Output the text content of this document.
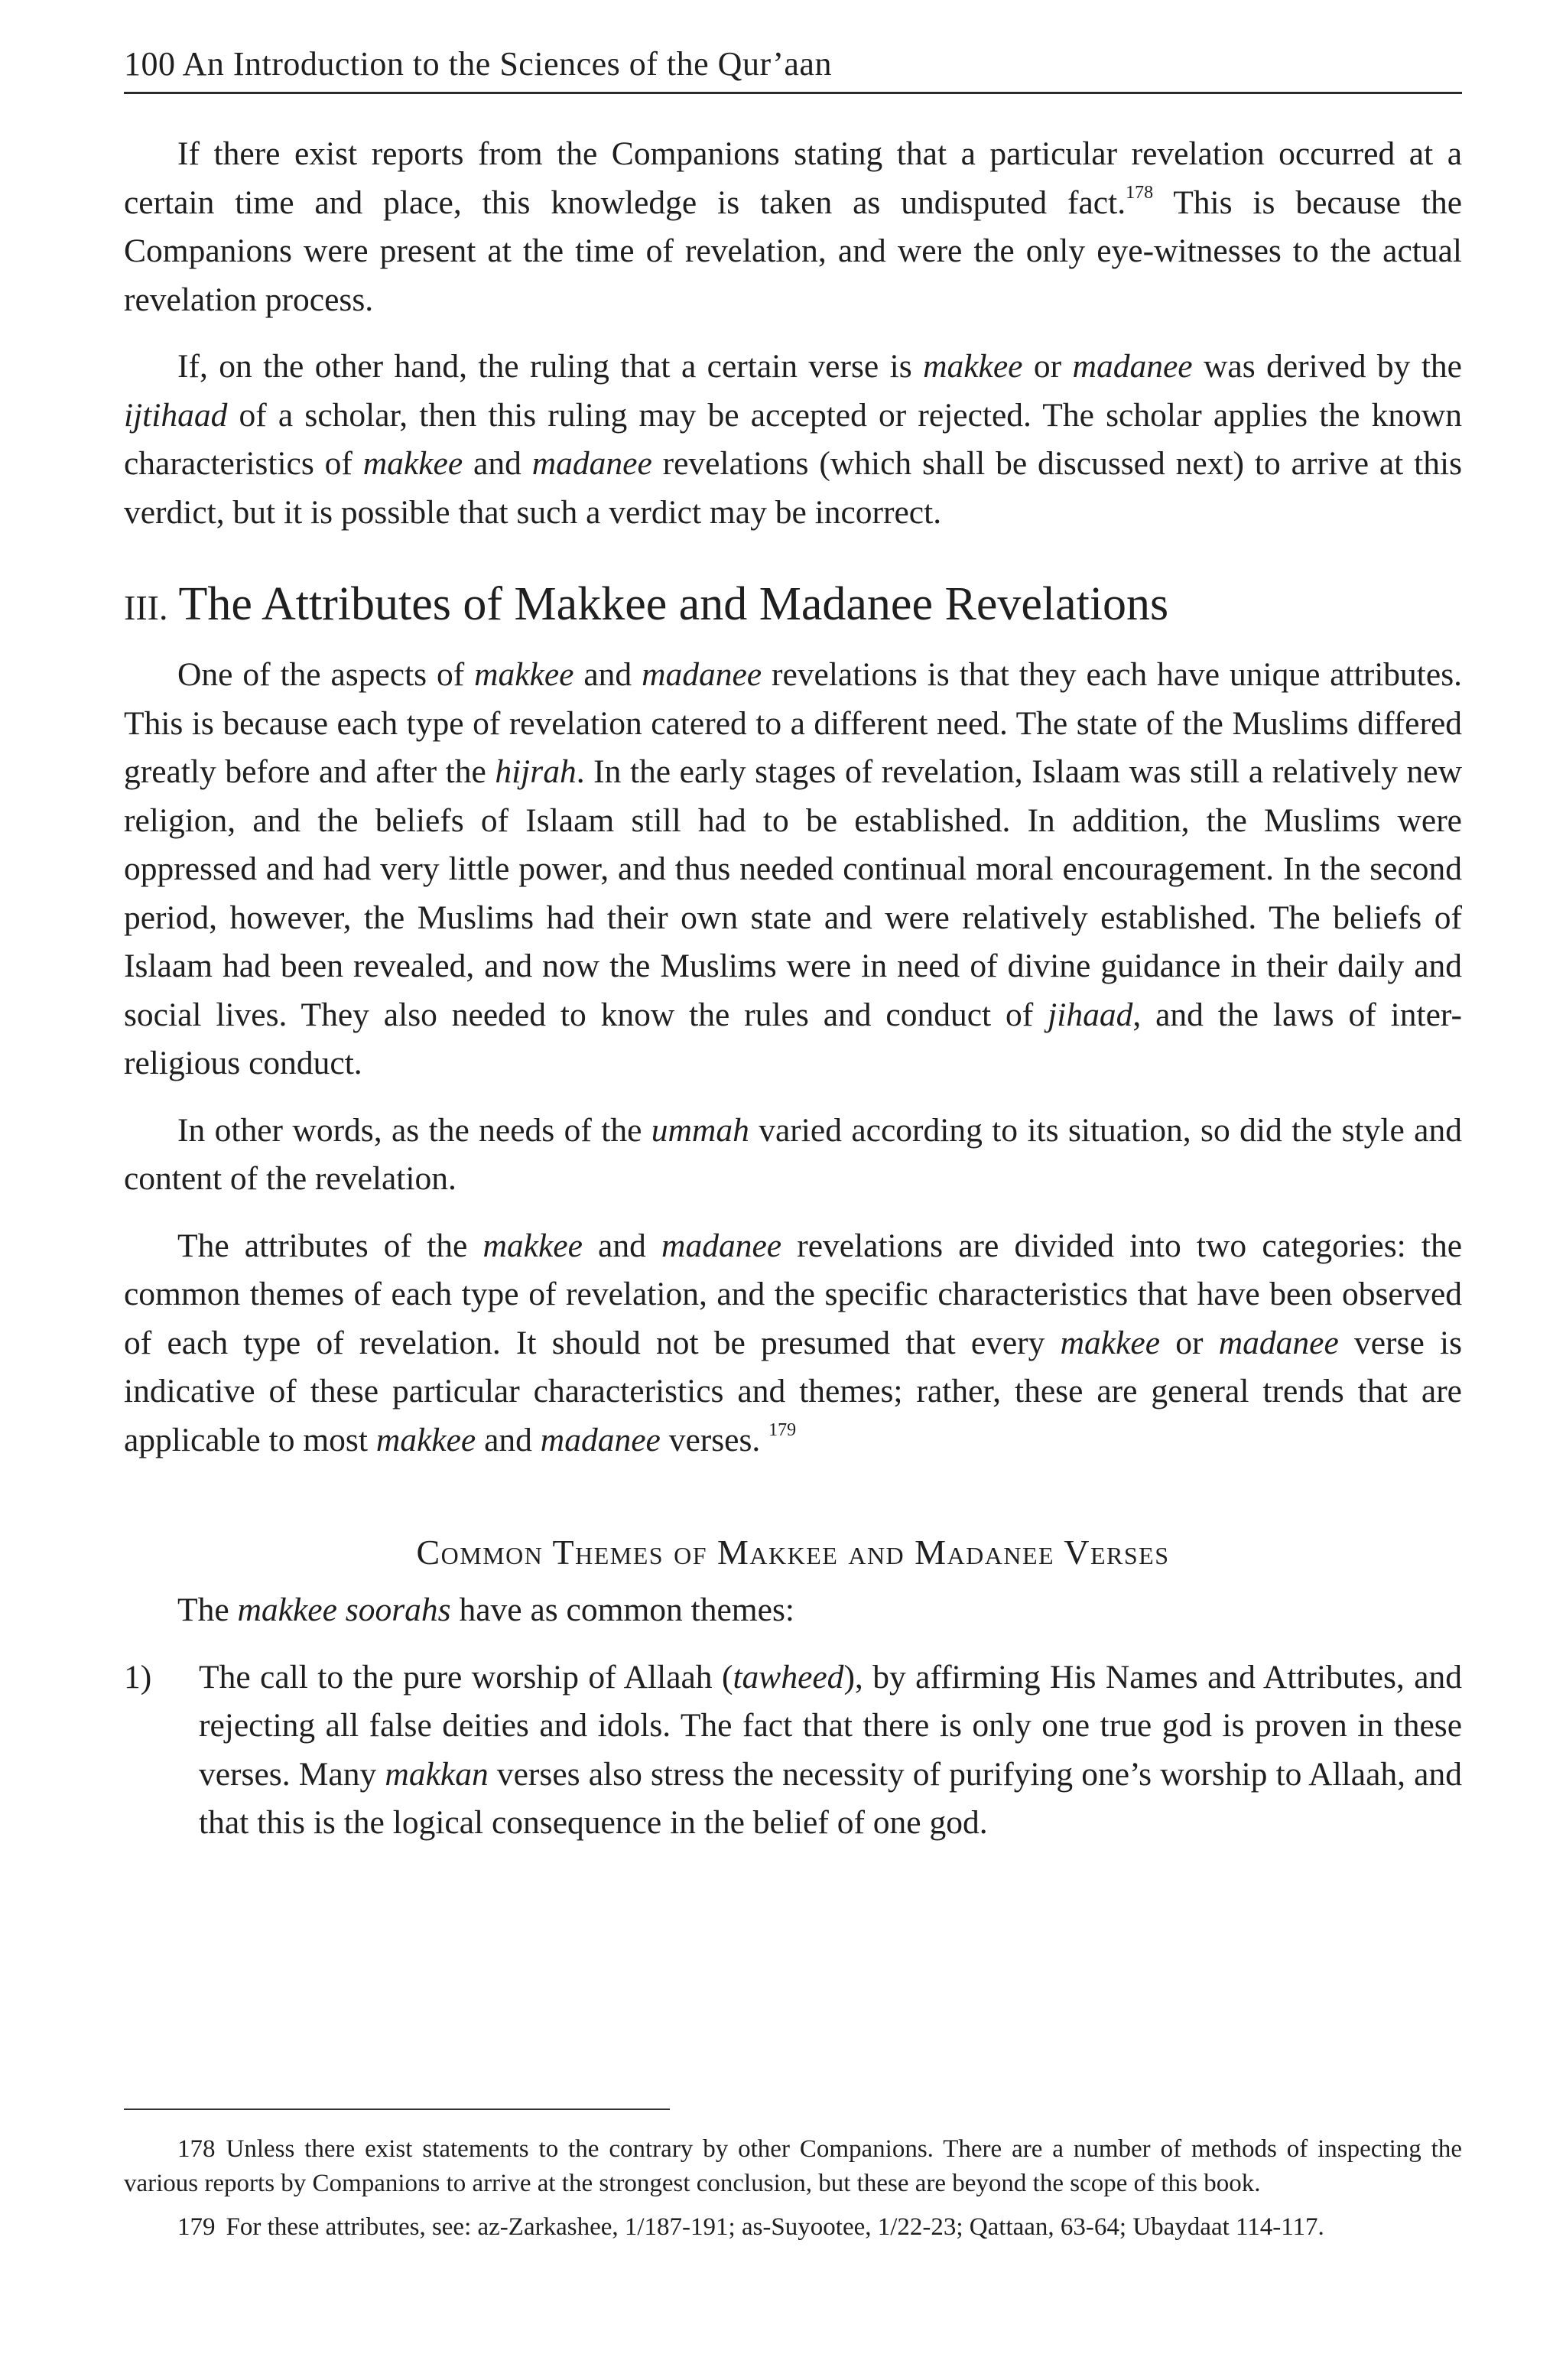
100 An Introduction to the Sciences of the Qur’aan

If there exist reports from the Companions stating that a particular revelation occurred at a certain time and place, this knowledge is taken as undisputed fact.$^{178}$ This is because the Companions were present at the time of revelation, and were the only eye-witnesses to the actual revelation process.

If, on the other hand, the ruling that a certain verse is makkee or madanee was derived by the ijtihaad of a scholar, then this ruling may be accepted or rejected. The scholar applies the known characteristics of makkee and madanee revelations (which shall be discussed next) to arrive at this verdict, but it is possible that such a verdict may be incorrect.

III. The Attributes of Makkee and Madanee Revelations

One of the aspects of makkee and madanee revelations is that they each have unique attributes. This is because each type of revelation catered to a different need. The state of the Muslims differed greatly before and after the hijrah. In the early stages of revelation, Islaam was still a relatively new religion, and the beliefs of Islaam still had to be established. In addition, the Muslims were oppressed and had very little power, and thus needed continual moral encouragement. In the second period, however, the Muslims had their own state and were relatively established. The beliefs of Islaam had been revealed, and now the Muslims were in need of divine guidance in their daily and social lives. They also needed to know the rules and conduct of jihaad, and the laws of inter-religious conduct.

In other words, as the needs of the ummah varied according to its situation, so did the style and content of the revelation.

The attributes of the makkee and madanee revelations are divided into two categories: the common themes of each type of revelation, and the specific characteristics that have been observed of each type of revelation. It should not be presumed that every makkee or madanee verse is indicative of these particular characteristics and themes; rather, these are general trends that are applicable to most makkee and madanee verses. $^{179}$

Common Themes of Makkee and Madanee Verses

The makkee soorahs have as common themes:

1) The call to the pure worship of Allaah (tawheed), by affirming His Names and Attributes, and rejecting all false deities and idols. The fact that there is only one true god is proven in these verses. Many makkan verses also stress the necessity of purifying one’s worship to Allaah, and that this is the logical consequence in the belief of one god.

178 Unless there exist statements to the contrary by other Companions. There are a number of methods of inspecting the various reports by Companions to arrive at the strongest conclusion, but these are beyond the scope of this book.

179 For these attributes, see: az-Zarkashee, 1/187-191; as-Suyootee, 1/22-23; Qattaan, 63-64; Ubaydaat 114-117.
